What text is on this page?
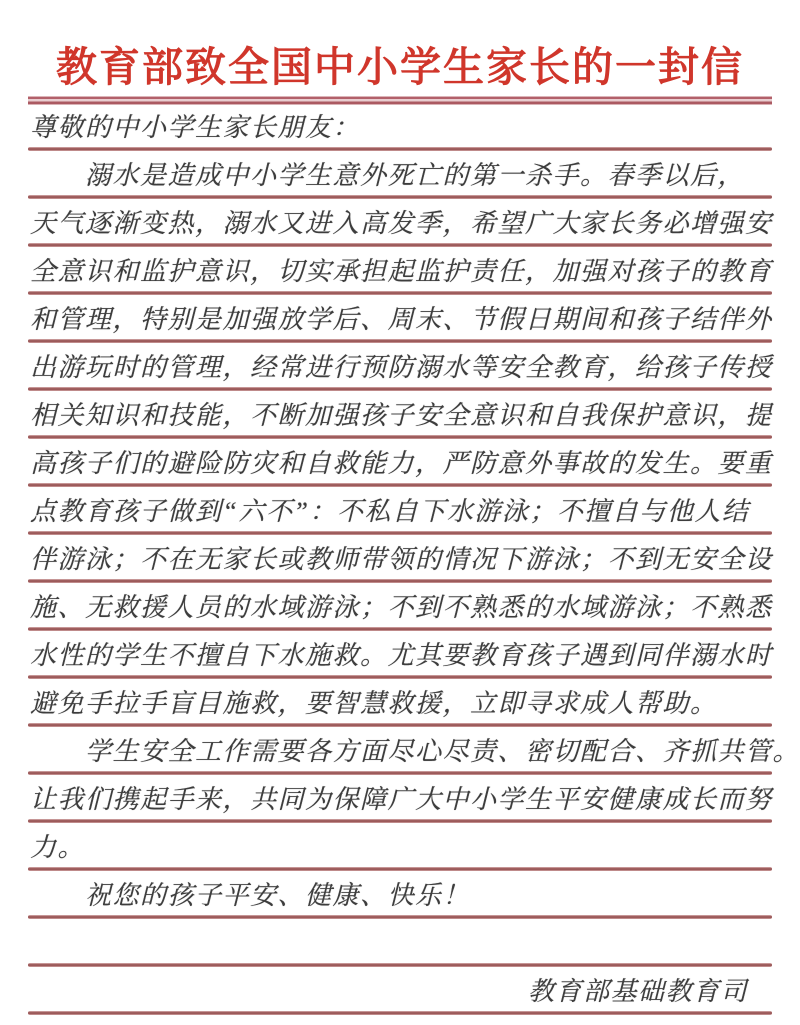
教育部致全国中小学生家长的一封信
尊敬的中小学生家长朋友：
溺水是造成中小学生意外死亡的第一杀手。春季以后，
天气逐渐变热，溺水又进入高发季，希望广大家长务必增强安
全意识和监护意识，切实承担起监护责任，加强对孩子的教育
和管理，特别是加强放学后、周末、节假日期间和孩子结伴外
出游玩时的管理，经常进行预防溺水等安全教育，给孩子传授
相关知识和技能，不断加强孩子安全意识和自我保护意识，提
高孩子们的避险防灾和自救能力，严防意外事故的发生。要重
点教育孩子做到“六不”：不私自下水游泳；不擅自与他人结
伴游泳；不在无家长或教师带领的情况下游泳；不到无安全设
施、无救援人员的水域游泳；不到不熟悉的水域游泳；不熟悉
水性的学生不擅自下水施救。尤其要教育孩子遇到同伴溺水时
避免手拉手盲目施救，要智慧救援，立即寻求成人帮助。
学生安全工作需要各方面尽心尽责、密切配合、齐抓共管。
让我们携起手来，共同为保障广大中小学生平安健康成长而努
力。
祝您的孩子平安、健康、快乐！
教育部基础教育司
